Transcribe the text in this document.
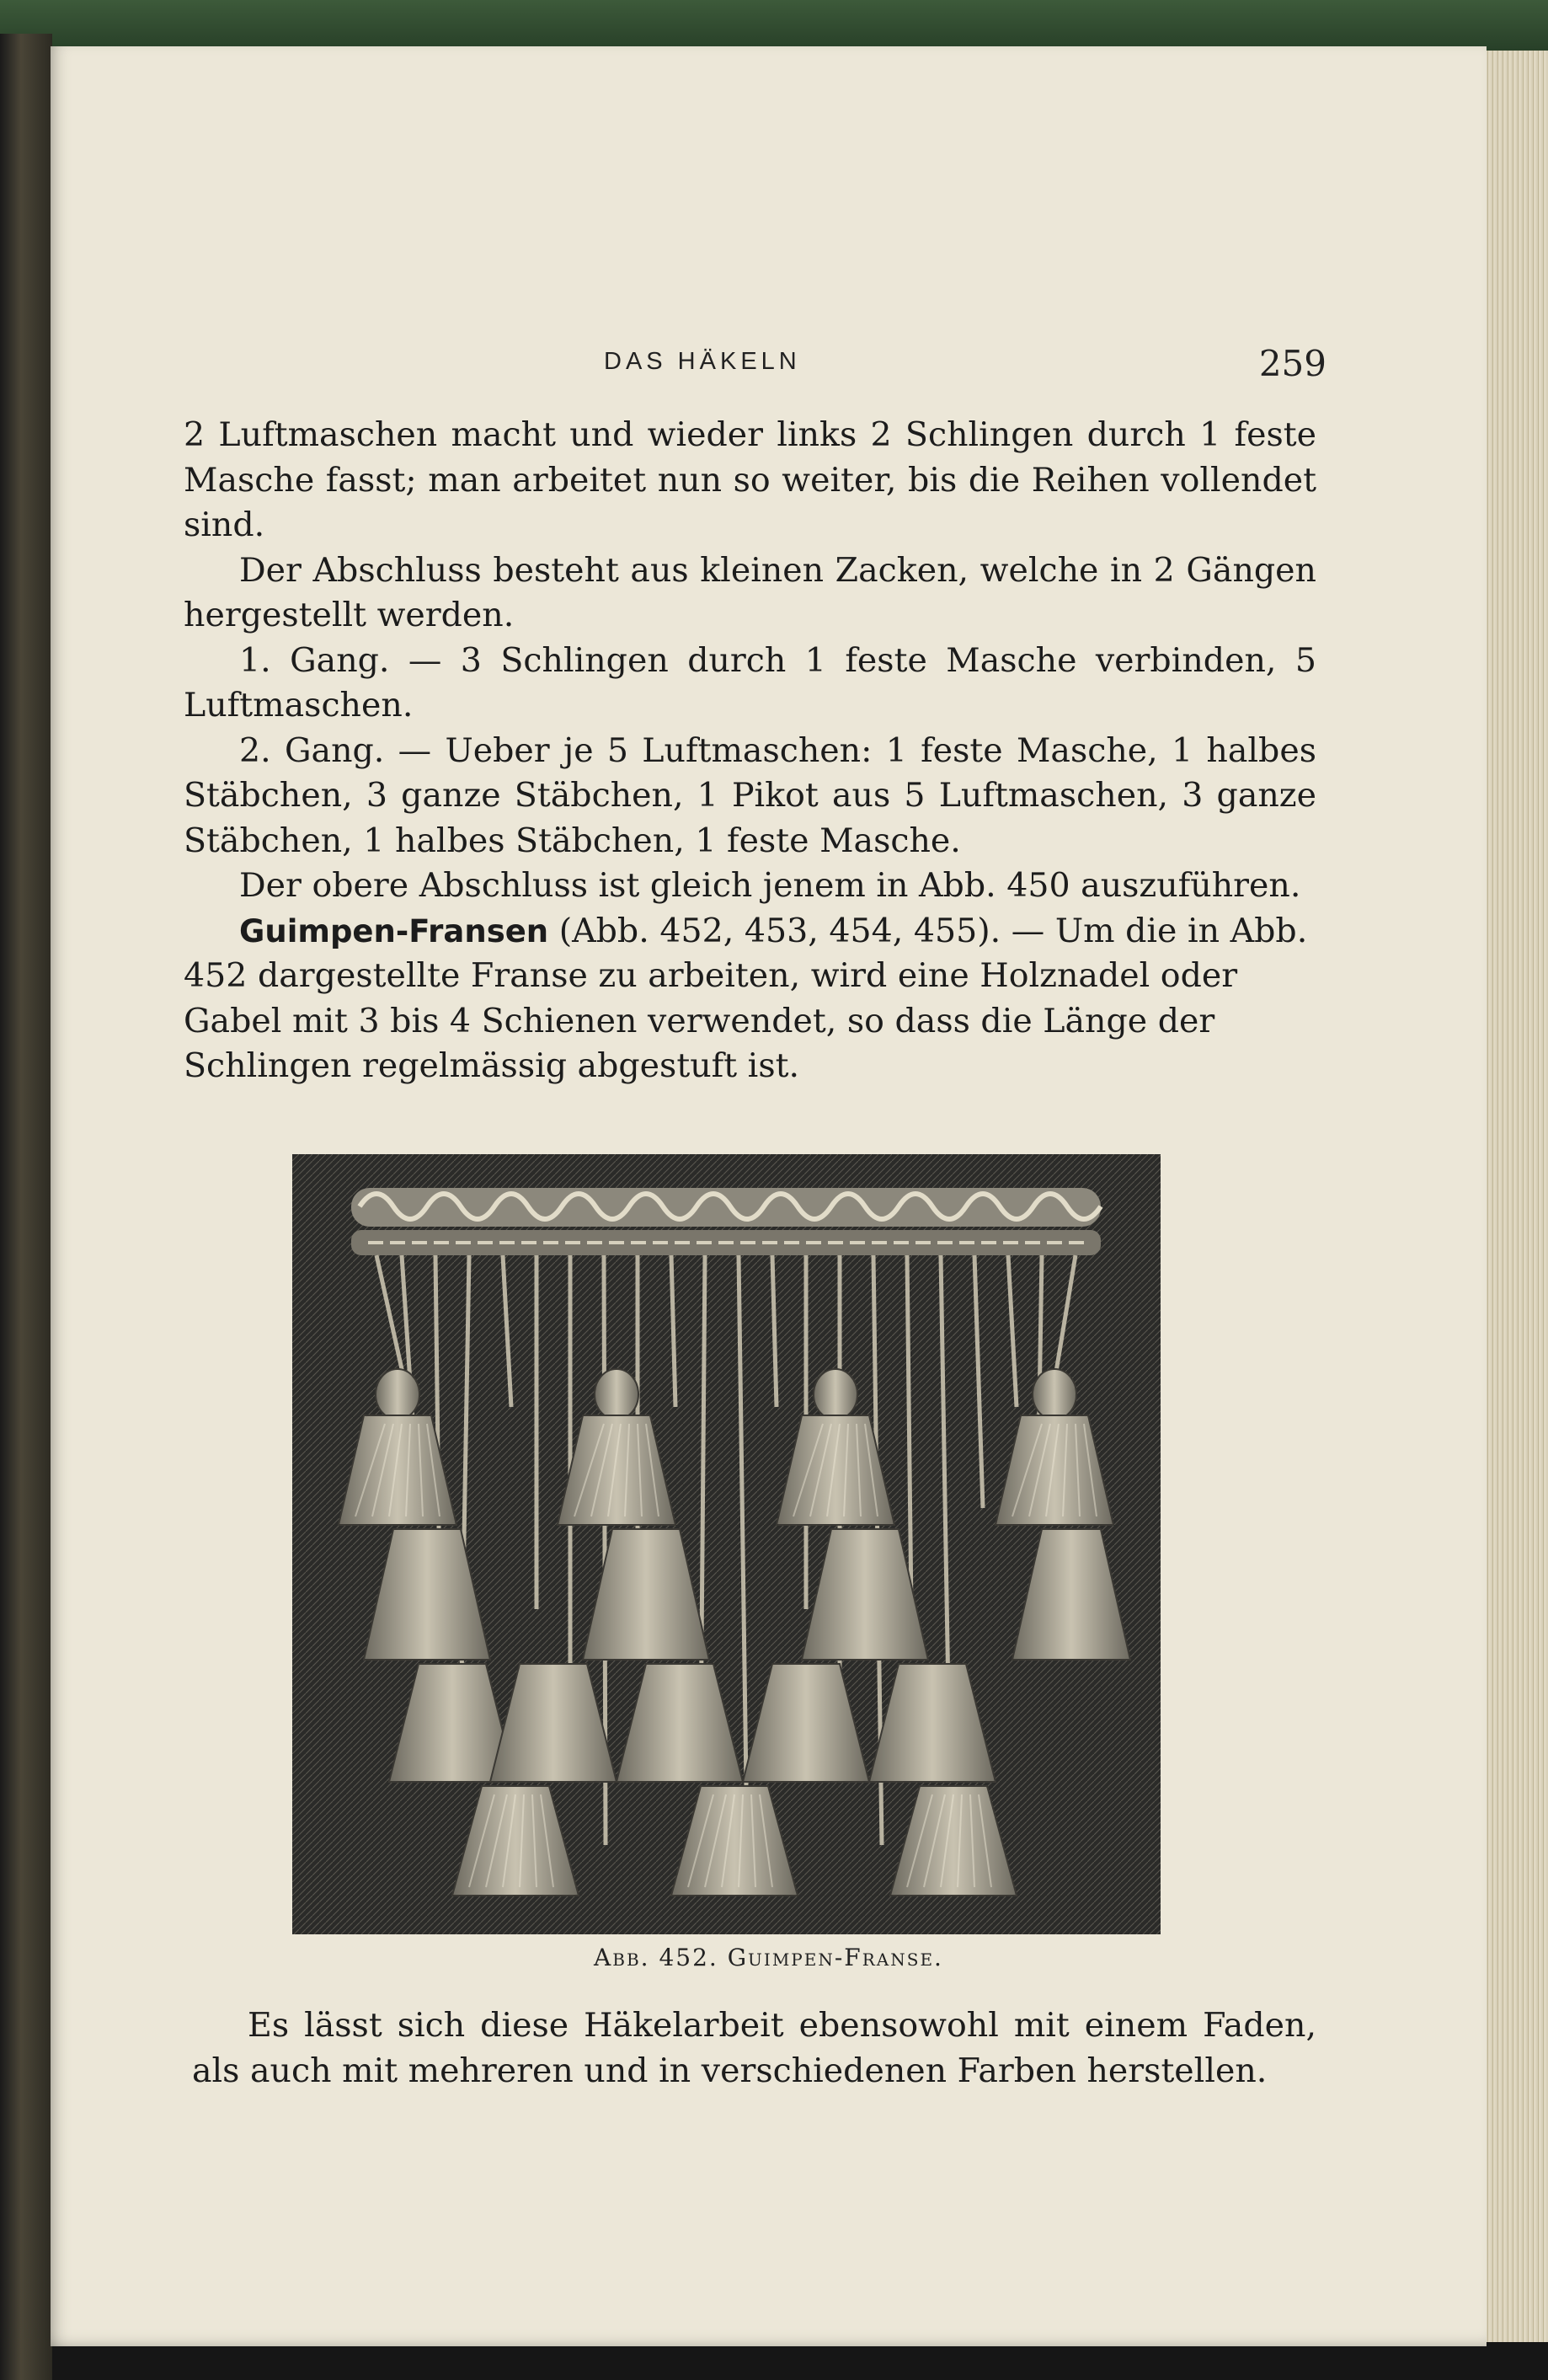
DAS HÄKELN	259

2 Luftmaschen macht und wieder links 2 Schlingen durch 1 feste Masche fasst; man arbeitet nun so weiter, bis die Reihen vollendet sind.

Der Abschluss besteht aus kleinen Zacken, welche in 2 Gängen hergestellt werden.

1. Gang. — 3 Schlingen durch 1 feste Masche verbinden, 5 Luftmaschen.

2. Gang. — Ueber je 5 Luftmaschen: 1 feste Masche, 1 halbes Stäbchen, 3 ganze Stäbchen, 1 Pikot aus 5 Luftmaschen, 3 ganze Stäbchen, 1 halbes Stäbchen, 1 feste Masche.

Der obere Abschluss ist gleich jenem in Abb. 450 auszuführen.

Guimpen-Fransen (Abb. 452, 453, 454, 455). — Um die in Abb. 452 dargestellte Franse zu arbeiten, wird eine Holznadel oder Gabel mit 3 bis 4 Schienen verwendet, so dass die Länge der Schlingen regelmässig abgestuft ist.

Abb. 452. Guimpen-Franse.

Es lässt sich diese Häkelarbeit ebensowohl mit einem Faden, als auch mit mehreren und in verschiedenen Farben herstellen.
